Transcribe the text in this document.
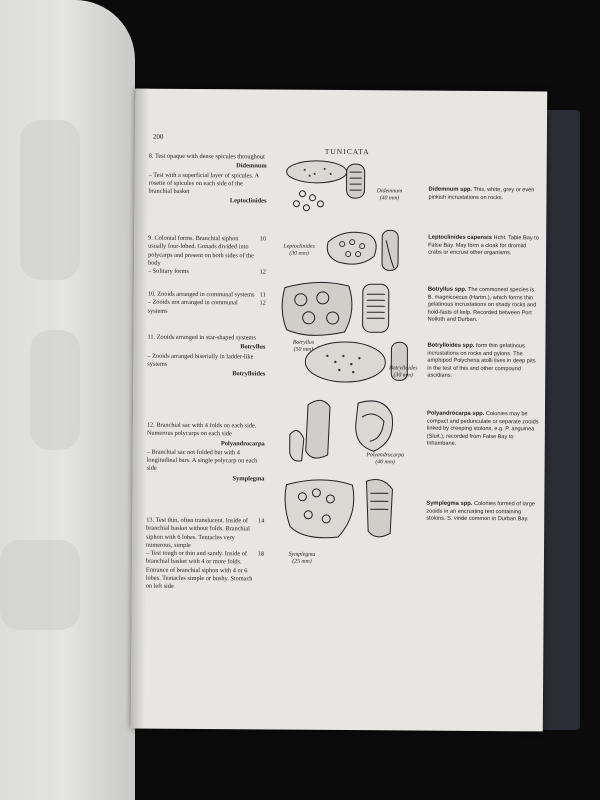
200
TUNICATA
8. Test opaque with dense spicules throughout
Didemnum
– Test with a superficial layer of spicules. A rosette of spicules on each side of the branchial basket
Leptoclinides
9. Colonial forms. Branchial siphon usually four-lobed. Gonads divided into polycarps and present on both sides of the body
10
– Solitary forms	12
10. Zooids arranged in communal systems 11
– Zooids not arranged in communal systems
12
11. Zooids arranged in star-shaped systems
Botryllus
– Zooids arranged biserially in ladder-like systems
Botrylloides
12. Branchial sac with 4 folds on each side. Numerous polycarps on each side
Polyandrocarpa
– Branchial sac not folded but with 4 longitudinal bars. A single polycarp on each side
Symplegma
13. Test thin, often translucent. Inside of branchial basket without folds. Branchial siphon with 6 lobes. Tentacles very numerous, simple
14
– Test tough or thin and sandy. Inside of branchial basket with 4 or more folds. Entrance of branchial siphon with 4 or 6 lobes. Tentacles simple or bushy. Stomach on left side
18
Didemnum
(40 mm)
Leptoclinides
(30 mm)
Botryllus
(50 mm)
Botrylloides
(30 mm)
Polyandrocarpa
(40 mm)
Symplegma
(25 mm)
Didemnum spp. This, white, grey or even pinkish incrustations on rocks.
Leptoclinides capensis Hcht. Table Bay to False Bay. May form a cloak for dromiid crabs or encrust other organisms.
Botryllus spp. The commonest species is B. magnicoecus (Hartm.), which forms thin gelatinous incrustations on shady rocks and hold-fasts of kelp. Recorded between Port Nolloth and Durban.
Botrylloides spp. form thin gelatinous incrustations on rocks and pylons. The amphipod Polycheria atolli lives in deep pits in the test of this and other compound ascidians.
Polyandrocarpa spp. Colonies may be compact and pedunculate or separate zooids linked by creeping stolons, e.g. P. anguinea (Sluit.), recorded from False Bay to Inhambane.
Symplegma spp. Colonies formed of large zooids in an encrusting test containing stolons. S. viride common in Durban Bay.
